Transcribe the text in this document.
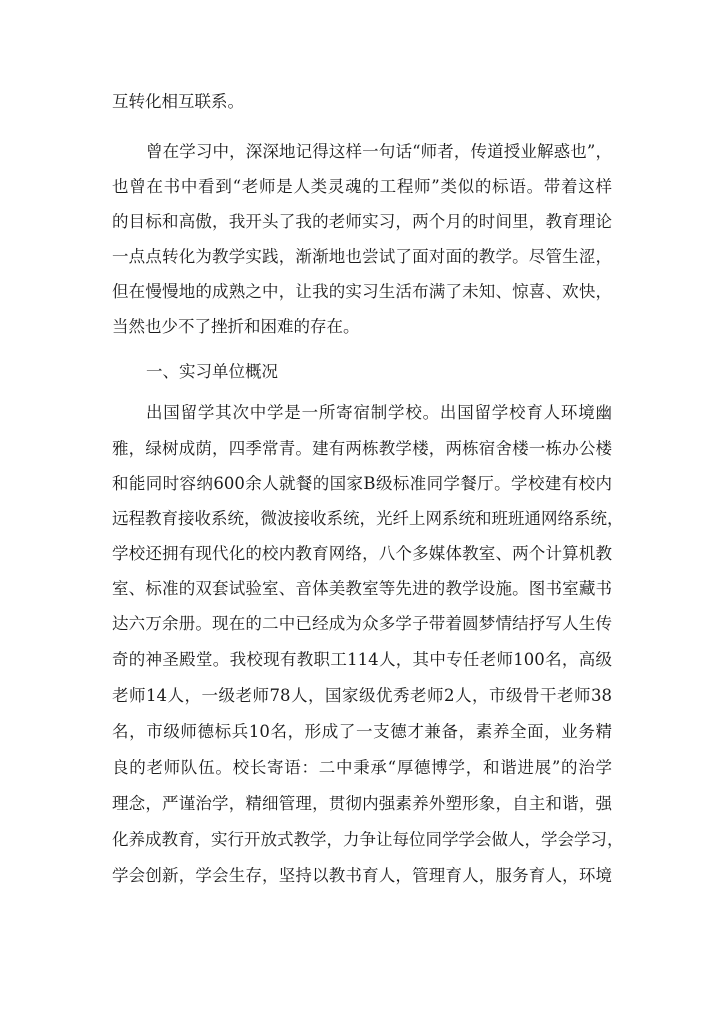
互转化相互联系。
曾在学习中，深深地记得这样一句话“师者，传道授业解惑也”，
也曾在书中看到“老师是人类灵魂的工程师”类似的标语。带着这样
的目标和高傲，我开头了我的老师实习，两个月的时间里，教育理论
一点点转化为教学实践，渐渐地也尝试了面对面的教学。尽管生涩，
但在慢慢地的成熟之中，让我的实习生活布满了未知、惊喜、欢快，
当然也少不了挫折和困难的存在。
一、实习单位概况
出国留学其次中学是一所寄宿制学校。出国留学校育人环境幽
雅，绿树成荫，四季常青。建有两栋教学楼，两栋宿舍楼一栋办公楼
和能同时容纳600余人就餐的国家B级标准同学餐厅。学校建有校内
远程教育接收系统，微波接收系统，光纤上网系统和班班通网络系统，
学校还拥有现代化的校内教育网络，八个多媒体教室、两个计算机教
室、标准的双套试验室、音体美教室等先进的教学设施。图书室藏书
达六万余册。现在的二中已经成为众多学子带着圆梦情结抒写人生传
奇的神圣殿堂。我校现有教职工114人，其中专任老师100名，高级
老师14人，一级老师78人，国家级优秀老师2人，市级骨干老师38
名，市级师德标兵10名，形成了一支德才兼备，素养全面，业务精
良的老师队伍。校长寄语：二中秉承“厚德博学，和谐进展”的治学
理念，严谨治学，精细管理，贯彻内强素养外塑形象，自主和谐，强
化养成教育，实行开放式教学，力争让每位同学学会做人，学会学习，
学会创新，学会生存，坚持以教书育人，管理育人，服务育人，环境
